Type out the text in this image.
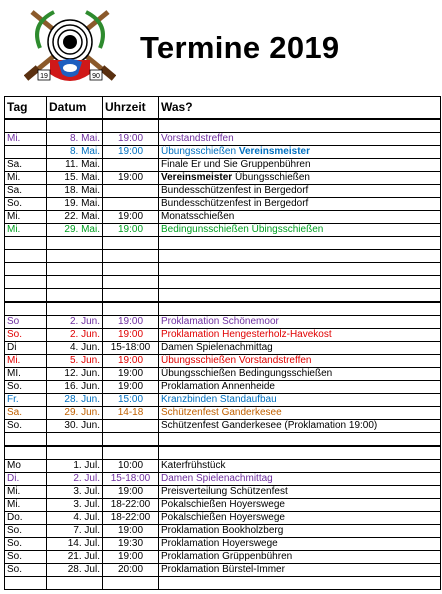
19	90
Termine 2019
Tag	Datum	Uhrzeit	Was?

Mi.	8. Mai.	19:00	Vorstandstreffen
	8. Mai.	19:00	Übungsschießen Vereinsmeister
Sa.	11. Mai.		Finale Er und Sie Gruppenbühren
Mi.	15. Mai.	19:00	Vereinsmeister Übungsschießen
Sa.	18. Mai.		Bundesschützenfest in Bergedorf
So.	19. Mai.		Bundesschützenfest in Bergedorf
Mi.	22. Mai.	19:00	Monatsschießen
Mi.	29. Mai.	19:00	Bedingunsschießen Übingsschießen

So	2. Jun.	19:00	Proklamation Schönemoor
So.	2. Jun.	19:00	Proklamation Hengesterholz-Havekost
Di	4. Jun.	15-18:00	Damen Spielenachmittag
Mi.	5. Jun.	19:00	Übungsschießen Vorstandstreffen
MI.	12. Jun.	19:00	Übungsschießen Bedingungsschießen
So.	16. Jun.	19:00	Proklamation Annenheide
Fr.	28. Jun.	15:00	Kranzbinden Standaufbau
Sa.	29. Jun.	14-18	Schützenfest Ganderkesee
So.	30. Jun.		Schützenfest Ganderkesee (Proklamation 19:00)

Mo	1. Jul.	10:00	Katerfrühstück
Di.	2. Jul.	15-18:00	Damen Spielenachmittag
Mi.	3. Jul.	19:00	Preisverteilung Schützenfest
Mi.	3. Jul.	18-22:00	Pokalschießen Hoyerswege
Do.	4. Jul.	18-22:00	Pokalschießen Hoyerswege
So.	7. Jul.	19:00	Proklamation Bookholzberg
So.	14. Jul.	19:30	Proklamation Hoyerswege
So.	21. Jul.	19:00	Proklamation Grüppenbühren
So.	28. Jul.	20:00	Proklamation Bürstel-Immer
